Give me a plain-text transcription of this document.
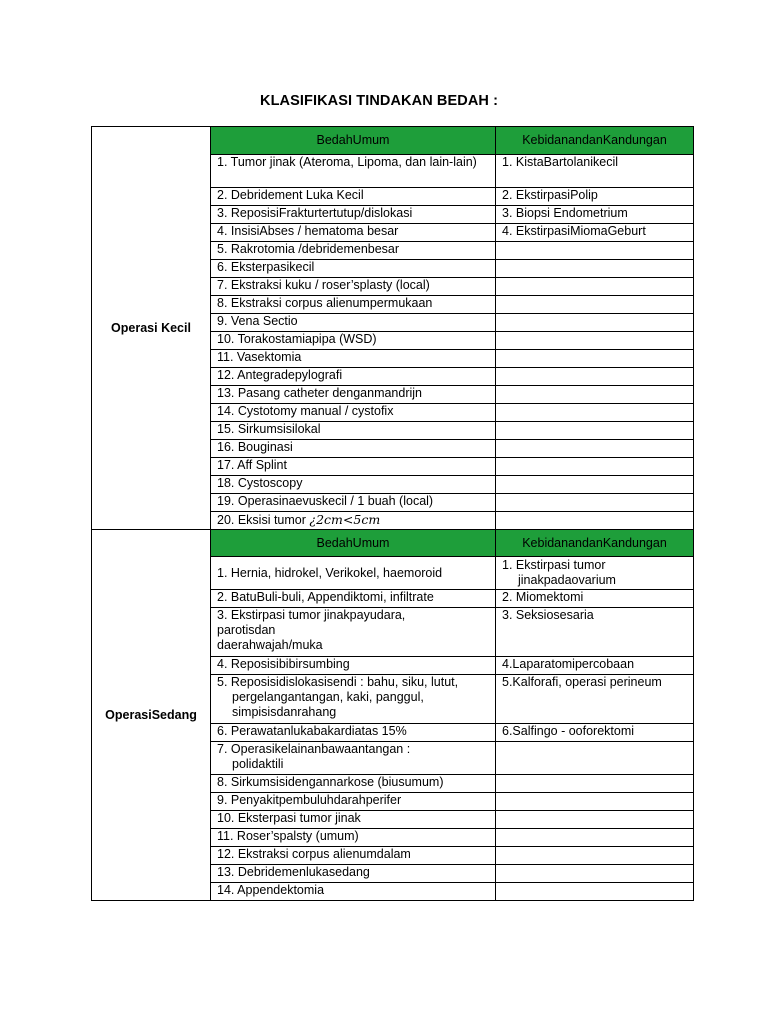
KLASIFIKASI TINDAKAN BEDAH :
Operasi Kecil	BedahUmum	KebidanandanKandungan
	1. Tumor jinak (Ateroma, Lipoma, dan lain-lain)	1. KistaBartolanikecil
	2. Debridement Luka Kecil	2. EkstirpasiPolip
	3. ReposisiFrakturtertutup/dislokasi	3. Biopsi Endometrium
	4. InsisiAbses / hematoma besar	4. EkstirpasiMiomaGeburt
	5. Rakrotomia /debridemenbesar	
	6. Eksterpasikecil	
	7. Ekstraksi kuku / roser’splasty (local)	
	8. Ekstraksi corpus alienumpermukaan	
	9. Vena Sectio	
	10. Torakostamiapipa (WSD)	
	11. Vasektomia	
	12. Antegradepylografi	
	13. Pasang catheter denganmandrijn	
	14. Cystotomy manual / cystofix	
	15. Sirkumsisilokal	
	16. Bouginasi	
	17. Aff Splint	
	18. Cystoscopy	
	19. Operasinaevuskecil / 1 buah (local)	
	20. Eksisi tumor ¿2cm<5cm	
OperasiSedang	BedahUmum	KebidanandanKandungan
	1. Hernia, hidrokel, Verikokel, haemoroid	1. Ekstirpasi tumor
jinakpadaovarium

	2. BatuBuli-buli, Appendiktomi, infiltrate	2. Miomektomi

	3. Ekstirpasi tumor jinakpayudara,
parotisdan
daerahwajah/muka	3. Seksiosesaria
	4. Reposisibibirsumbing	4.Laparatomipercobaan

	5. Reposisidislokasisendi : bahu, siku, lutut,
pergelangantangan, kaki, panggul,
simpisisdanrahang	5.Kalforafi, operasi perineum
	6. Perawatanlukabakardiatas 15%	6.Salfingo - ooforektomi

	7. Operasikelainanbawaantangan :
polidaktili	

	8. Sirkumsisidengannarkose (biusumum)	
	9. Penyakitpembuluhdarahperifer	
	10. Eksterpasi tumor jinak	
	11. Roser’spalsty (umum)	
	12. Ekstraksi corpus alienumdalam	
	13. Debridemenlukasedang	
	14. Appendektomia	
